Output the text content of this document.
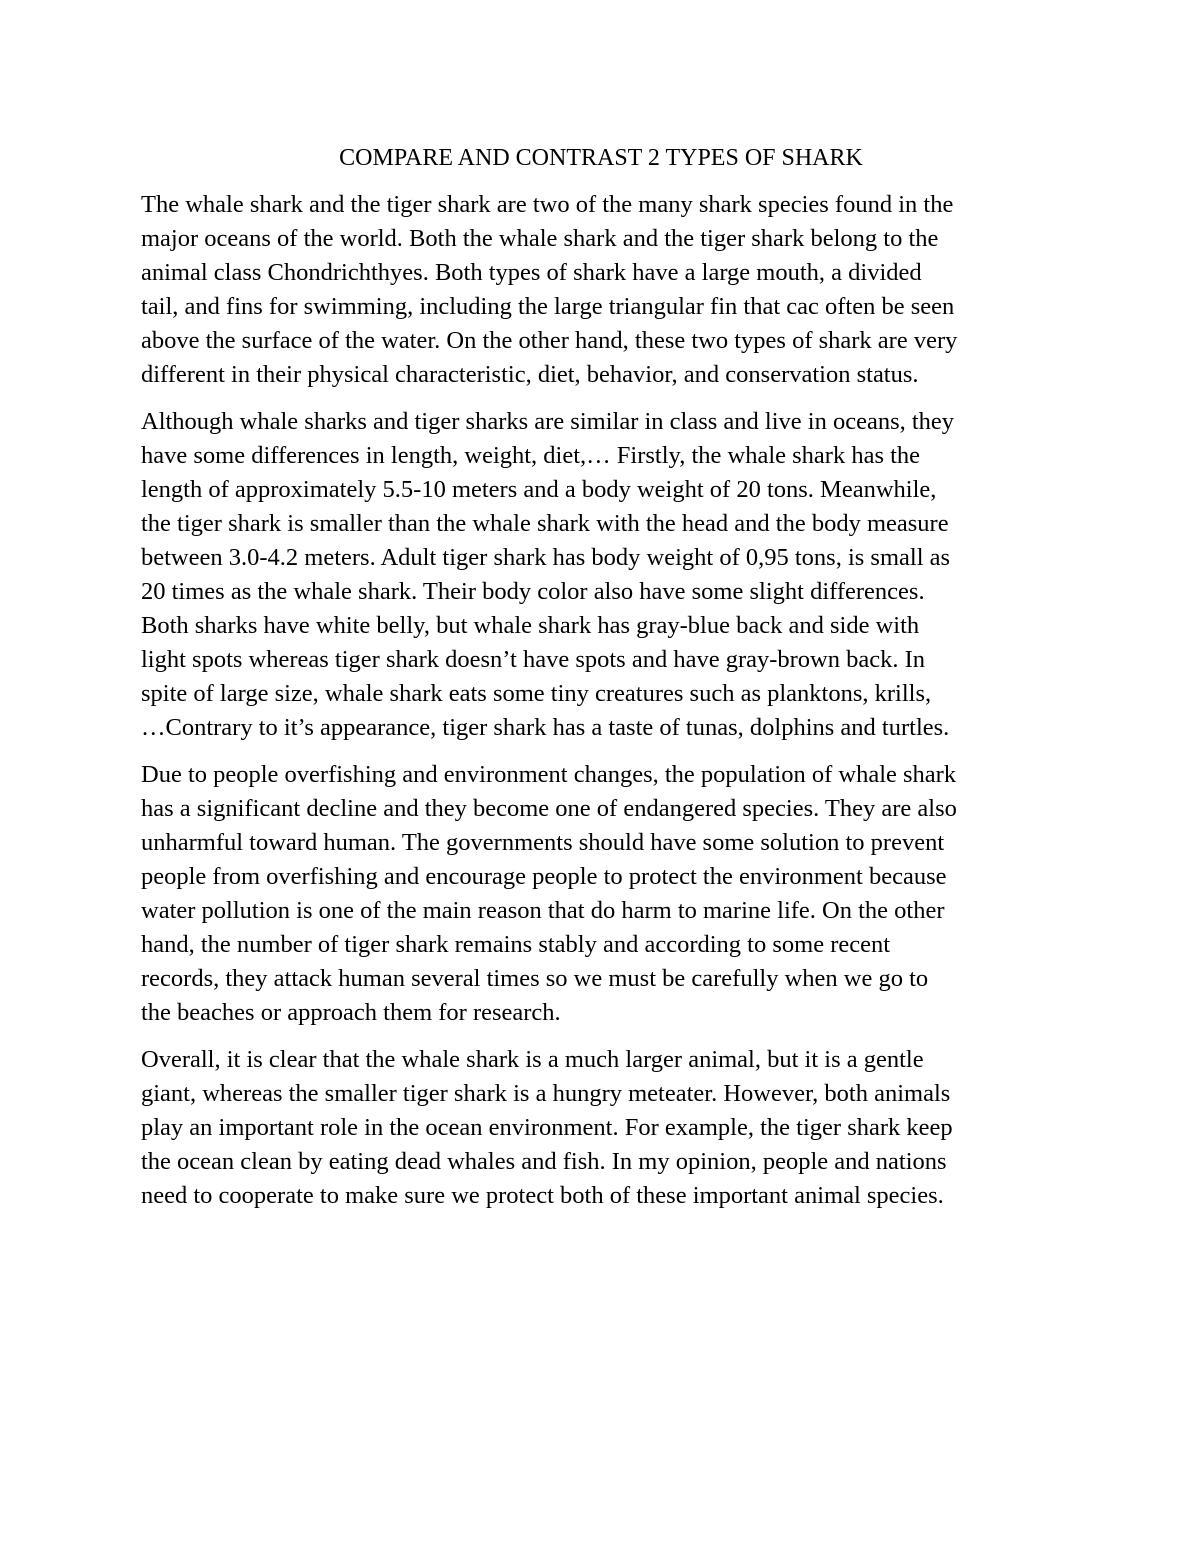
COMPARE AND CONTRAST 2 TYPES OF SHARK

The whale shark and the tiger shark are two of the many shark species found in the
major oceans of the world. Both the whale shark and the tiger shark belong to the
animal class Chondrichthyes. Both types of shark have a large mouth, a divided
tail, and fins for swimming, including the large triangular fin that cac often be seen
above the surface of the water. On the other hand, these two types of shark are very
different in their physical characteristic, diet, behavior, and conservation status.

Although whale sharks and tiger sharks are similar in class and live in oceans, they
have some differences in length, weight, diet,… Firstly, the whale shark has the
length of approximately 5.5-10 meters and a body weight of 20 tons. Meanwhile,
the tiger shark is smaller than the whale shark with the head and the body measure
between 3.0-4.2 meters. Adult tiger shark has body weight of 0,95 tons, is small as
20 times as the whale shark. Their body color also have some slight differences.
Both sharks have white belly, but whale shark has gray-blue back and side with
light spots whereas tiger shark doesn’t have spots and have gray-brown back. In
spite of large size, whale shark eats some tiny creatures such as planktons, krills,
…Contrary to it’s appearance, tiger shark has a taste of tunas, dolphins and turtles.

Due to people overfishing and environment changes, the population of whale shark
has a significant decline and they become one of endangered species. They are also
unharmful toward human. The governments should have some solution to prevent
people from overfishing and encourage people to protect the environment because
water pollution is one of the main reason that do harm to marine life. On the other
hand, the number of tiger shark remains stably and according to some recent
records, they attack human several times so we must be carefully when we go to
the beaches or approach them for research.

Overall, it is clear that the whale shark is a much larger animal, but it is a gentle
giant, whereas the smaller tiger shark is a hungry meteater. However, both animals
play an important role in the ocean environment. For example, the tiger shark keep
the ocean clean by eating dead whales and fish. In my opinion, people and nations
need to cooperate to make sure we protect both of these important animal species.
